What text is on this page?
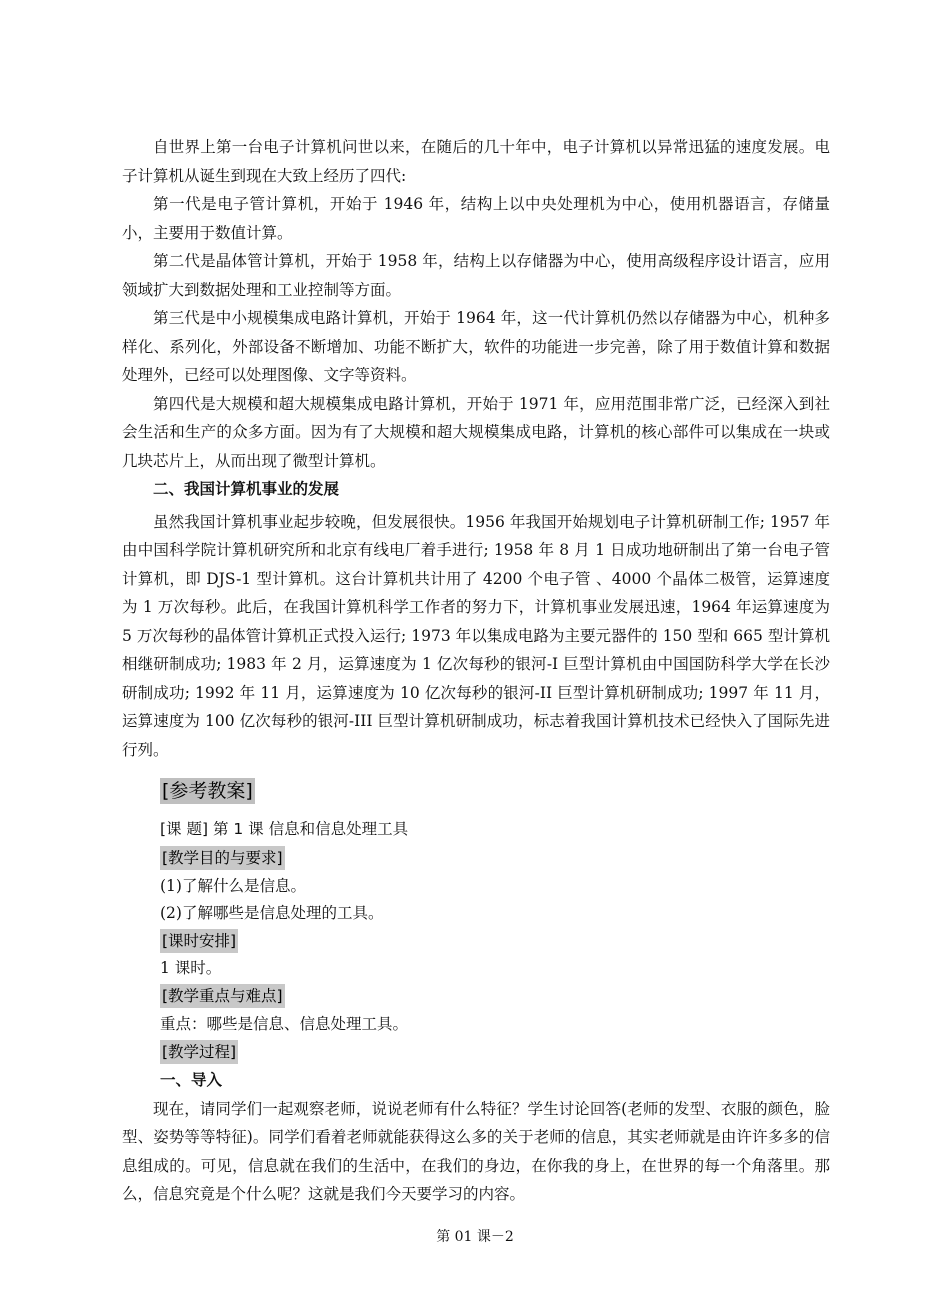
自世界上第一台电子计算机问世以来，在随后的几十年中，电子计算机以异常迅猛的速度发展。电子计算机从诞生到现在大致上经历了四代:

第一代是电子管计算机，开始于 1946 年，结构上以中央处理机为中心，使用机器语言，存储量小，主要用于数值计算。

第二代是晶体管计算机，开始于 1958 年，结构上以存储器为中心，使用高级程序设计语言，应用领域扩大到数据处理和工业控制等方面。

第三代是中小规模集成电路计算机，开始于 1964 年，这一代计算机仍然以存储器为中心，机种多样化、系列化，外部设备不断增加、功能不断扩大，软件的功能进一步完善，除了用于数值计算和数据处理外，已经可以处理图像、文字等资料。

第四代是大规模和超大规模集成电路计算机，开始于 1971 年，应用范围非常广泛，已经深入到社会生活和生产的众多方面。因为有了大规模和超大规模集成电路，计算机的核心部件可以集成在一块或几块芯片上，从而出现了微型计算机。

二、我国计算机事业的发展

虽然我国计算机事业起步较晚，但发展很快。1956 年我国开始规划电子计算机研制工作; 1957 年由中国科学院计算机研究所和北京有线电厂着手进行; 1958 年 8 月 1 日成功地研制出了第一台电子管计算机，即 DJS-1 型计算机。这台计算机共计用了 4200 个电子管 、4000 个晶体二极管，运算速度为 1 万次每秒。此后，在我国计算机科学工作者的努力下，计算机事业发展迅速，1964 年运算速度为 5 万次每秒的晶体管计算机正式投入运行; 1973 年以集成电路为主要元器件的 150 型和 665 型计算机相继研制成功; 1983 年 2 月，运算速度为 1 亿次每秒的银河-I 巨型计算机由中国国防科学大学在长沙研制成功; 1992 年 11 月，运算速度为 10 亿次每秒的银河-II 巨型计算机研制成功; 1997 年 11 月，运算速度为 100 亿次每秒的银河-III 巨型计算机研制成功，标志着我国计算机技术已经快入了国际先进行列。

[参考教案]
[课 题] 第 1 课 信息和信息处理工具
[教学目的与要求]
(1)了解什么是信息。
(2)了解哪些是信息处理的工具。
[课时安排]
1 课时。
[教学重点与难点]
重点：哪些是信息、信息处理工具。
[教学过程]

一、导入

现在，请同学们一起观察老师，说说老师有什么特征？学生讨论回答(老师的发型、衣服的颜色，脸型、姿势等等特征)。同学们看着老师就能获得这么多的关于老师的信息，其实老师就是由许许多多的信息组成的。可见，信息就在我们的生活中，在我们的身边，在你我的身上，在世界的每一个角落里。那么，信息究竟是个什么呢？这就是我们今天要学习的内容。

第 01 课－2
